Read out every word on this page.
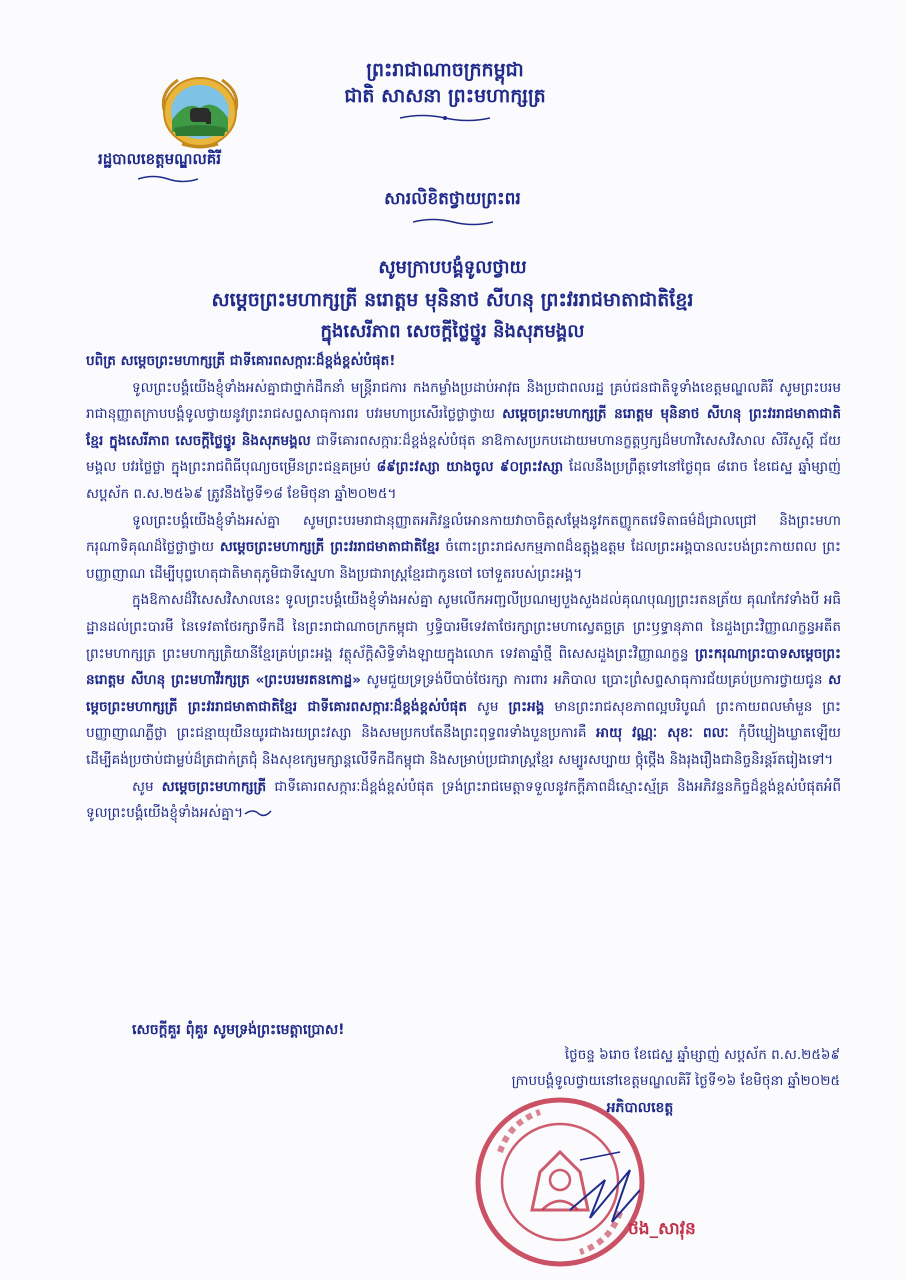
ព្រះរាជាណាចក្រកម្ពុជា
ជាតិ សាសនា ព្រះមហាក្សត្រ
រដ្ឋបាលខេត្តមណ្ឌលគិរី
សារលិខិតថ្វាយព្រះពរ
សូមក្រាបបង្គំទូលថ្វាយ
សម្តេចព្រះមហាក្សត្រី នរោត្តម មុនិនាថ សីហនុ ព្រះវររាជមាតាជាតិខ្មែរ
ក្នុងសេរីភាព សេចក្តីថ្លៃថ្នូរ និងសុភមង្គល

បពិត្រ សម្តេចព្រះមហាក្សត្រី ជាទីគោរពសក្ការៈដ៏ខ្ពង់ខ្ពស់បំផុត!

ទូលព្រះបង្គំយើងខ្ញុំទាំងអស់គ្នាជាថ្នាក់ដឹកនាំ មន្ត្រីរាជការ កងកម្លាំងប្រដាប់អាវុធ និងប្រជាពលរដ្ឋ គ្រប់ជនជាតិទូទាំងខេត្តមណ្ឌលគិរី សូមព្រះបរមរាជានុញ្ញាតក្រាបបង្គំទូលថ្វាយនូវព្រះរាជសព្ទសាធុការពរ បវរមហាប្រសើរថ្លៃថ្លាថ្វាយ សម្តេចព្រះមហាក្សត្រី នរោត្តម មុនិនាថ សីហនុ ព្រះវររាជមាតាជាតិខ្មែរ ក្នុងសេរីភាព សេចក្តីថ្លៃថ្នូរ និងសុភមង្គល ជាទីគោរពសក្ការៈដ៏ខ្ពង់ខ្ពស់បំផុត នាឱកាសប្រកបដោយមហានក្ខត្តឫក្សដ៏មហាវិសេសវិសាល សិរីសួស្តី ជ័យមង្គល បវរថ្លៃថ្លា ក្នុងព្រះរាជពិធីបុណ្យចម្រើនព្រះជន្មគម្រប់ ៨៩ព្រះវស្សា យាងចូល ៩០ព្រះវស្សា ដែលនឹងប្រព្រឹត្តទៅនៅថ្ងៃពុធ ៨រោច ខែជេស្ឋ ឆ្នាំម្សាញ់ សប្តស័ក ព.ស.២៥៦៩ ត្រូវនឹងថ្ងៃទី១៨ ខែមិថុនា ឆ្នាំ២០២៥។

ទូលព្រះបង្គំយើងខ្ញុំទាំងអស់គ្នា សូមព្រះបរមរាជានុញ្ញាតអភិវន្ទលំអោនកាយវាចាចិត្តសម្តែងនូវកតញ្ញូកតវេទិតាធម៌ដ៏ជ្រាលជ្រៅ និងព្រះមហាករុណាទិគុណដ៏ថ្លៃថ្លាថ្វាយ សម្តេចព្រះមហាក្សត្រី ព្រះវររាជមាតាជាតិខ្មែរ ចំពោះព្រះរាជសកម្មភាពដ៏ឧត្តុង្គឧត្តម ដែលព្រះអង្គបានលះបង់ព្រះកាយពល ព្រះបញ្ញាញាណ ដើម្បីបុព្វហេតុជាតិមាតុភូមិជាទីស្នេហា និងប្រជារាស្ត្រខ្មែរជាកូនចៅ ចៅទួតរបស់ព្រះអង្គ។

ក្នុងឱកាសដ៏វិសេសវិសាលនេះ ទូលព្រះបង្គំយើងខ្ញុំទាំងអស់គ្នា សូមលើកអញ្ជលីប្រណម្យបួងសួងដល់គុណបុណ្យព្រះរតនត្រ័យ គុណកែវទាំងបី អធិដ្ឋានដល់ព្រះបារមី នៃទេវតាថែរក្សាទឹកដី នៃព្រះរាជាណាចក្រកម្ពុជា ឫទ្ធិបារមីទេវតាថែរក្សាព្រះមហាស្វេតច្ឆត្រ ព្រះឫទ្ធានុភាព នៃដួងព្រះវិញ្ញាណក្ខន្ធអតីតព្រះមហាក្សត្រ ព្រះមហាក្សត្រិយានីខ្មែរគ្រប់ព្រះអង្គ វត្ថុស័ក្តិសិទ្ធិទាំងឡាយក្នុងលោក ទេវតាឆ្នាំថ្មី ពិសេសដួងព្រះវិញ្ញាណក្ខន្ធ ព្រះករុណាព្រះបាទសម្តេចព្រះនរោត្តម សីហនុ ព្រះមហាវីរក្សត្រ «ព្រះបរមរតនកោដ្ឋ» សូមជួយទ្រទ្រង់បីបាច់ថែរក្សា ការពារ អភិបាល ប្រោះព្រំសព្ទសាធុការជ័យគ្រប់ប្រការថ្វាយជូន សម្តេចព្រះមហាក្សត្រី ព្រះវររាជមាតាជាតិខ្មែរ ជាទីគោរពសក្ការៈដ៏ខ្ពង់ខ្ពស់បំផុត សូម ព្រះអង្គ មានព្រះរាជសុខភាពល្អបរិបូណ៌ ព្រះកាយពលមាំមួន ព្រះបញ្ញាញាណភ្លឺថ្លា ព្រះជន្មាយុយឺនយូរជាងរយព្រះវស្សា និងសមប្រកបតែនឹងព្រះពុទ្ធពរទាំងបួនប្រការគឺ អាយុ វណ្ណៈ សុខៈ ពលៈ កុំបីឃ្លៀងឃ្លាតឡើយ ដើម្បីគង់ប្រថាប់ជាម្លប់ដ៏ត្រជាក់ត្រជុំ និងសុខក្សេមក្សាន្តលើទឹកដីកម្ពុជា និងសម្រាប់ប្រជារាស្ត្រខ្មែរ សម្បូរសប្បាយ ថ្កុំថ្កើង និងរុងរឿងជានិច្ចនិរន្តរ៍តរៀងទៅ។

សូម សម្តេចព្រះមហាក្សត្រី ជាទីគោរពសក្ការៈដ៏ខ្ពង់ខ្ពស់បំផុត ទ្រង់ព្រះរាជមេត្តាទទួលនូវកក្តីភាពដ៏ស្មោះស្ម័គ្រ និងអភិវន្ទនកិច្ចដ៏ខ្ពង់ខ្ពស់បំផុតអំពីទូលព្រះបង្គំយើងខ្ញុំទាំងអស់គ្នា។

សេចក្តីគួរ ពុំគួរ សូមទ្រង់ព្រះមេត្តាប្រោស!
ថ្ងៃចន្ទ ៦រោច ខែជេស្ឋ ឆ្នាំម្សាញ់ សប្តស័ក ព.ស.២៥៦៩
ក្រាបបង្គំទូលថ្វាយនៅខេត្តមណ្ឌលគិរី ថ្ងៃទី១៦ ខែមិថុនា ឆ្នាំ២០២៥
អភិបាលខេត្ត
ថង_សាវុន
